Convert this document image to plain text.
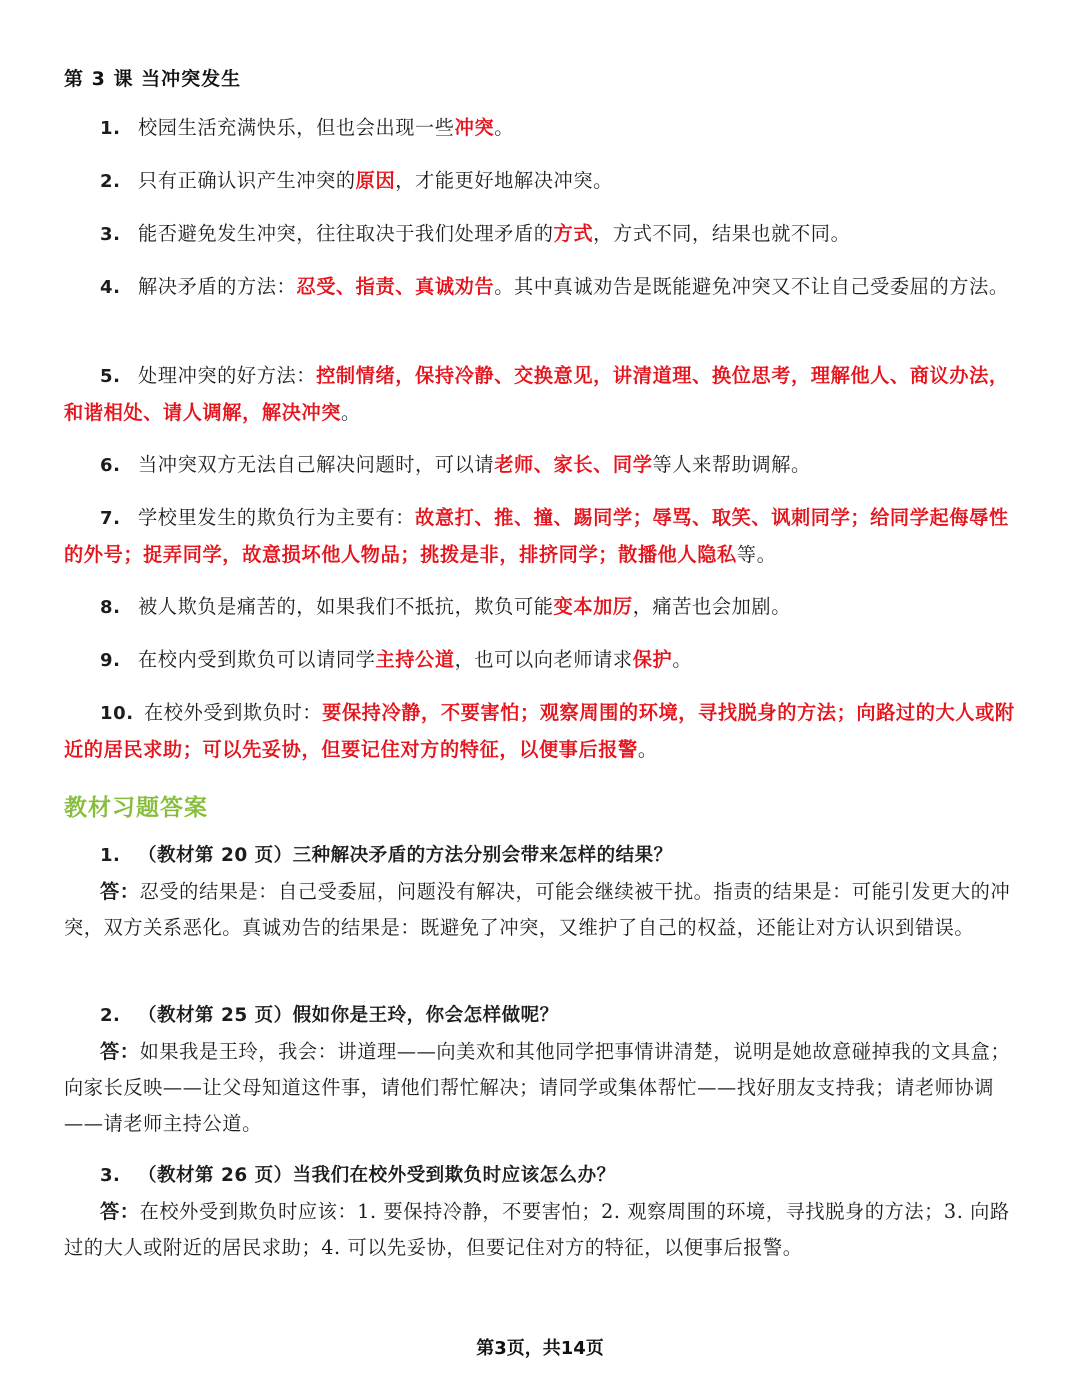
第 3 课 当冲突发生
1. 校园生活充满快乐，但也会出现一些冲突。
2. 只有正确认识产生冲突的原因，才能更好地解决冲突。
3. 能否避免发生冲突，往往取决于我们处理矛盾的方式，方式不同，结果也就不同。
4. 解决矛盾的方法：忍受、指责、真诚劝告。其中真诚劝告是既能避免冲突又不让自己受委屈的方法。
5. 处理冲突的好方法：控制情绪，保持冷静、交换意见，讲清道理、换位思考，理解他人、商议办法，和谐相处、请人调解，解决冲突。
6. 当冲突双方无法自己解决问题时，可以请老师、家长、同学等人来帮助调解。
7. 学校里发生的欺负行为主要有：故意打、推、撞、踢同学；辱骂、取笑、讽刺同学；给同学起侮辱性的外号；捉弄同学，故意损坏他人物品；挑拨是非，排挤同学；散播他人隐私等。
8. 被人欺负是痛苦的，如果我们不抵抗，欺负可能变本加厉，痛苦也会加剧。
9. 在校内受到欺负可以请同学主持公道，也可以向老师请求保护。
10. 在校外受到欺负时：要保持冷静，不要害怕；观察周围的环境，寻找脱身的方法；向路过的大人或附近的居民求助；可以先妥协，但要记住对方的特征，以便事后报警。
教材习题答案
1. （教材第 20 页）三种解决矛盾的方法分别会带来怎样的结果？
答：忍受的结果是：自己受委屈，问题没有解决，可能会继续被干扰。指责的结果是：可能引发更大的冲突，双方关系恶化。真诚劝告的结果是：既避免了冲突，又维护了自己的权益，还能让对方认识到错误。
2. （教材第 25 页）假如你是王玲，你会怎样做呢？
答：如果我是王玲，我会：讲道理——向美欢和其他同学把事情讲清楚，说明是她故意碰掉我的文具盒；向家长反映——让父母知道这件事，请他们帮忙解决；请同学或集体帮忙——找好朋友支持我；请老师协调——请老师主持公道。
3. （教材第 26 页）当我们在校外受到欺负时应该怎么办？
答：在校外受到欺负时应该：1. 要保持冷静，不要害怕；2. 观察周围的环境，寻找脱身的方法；3. 向路过的大人或附近的居民求助；4. 可以先妥协，但要记住对方的特征，以便事后报警。
第3页，共14页
